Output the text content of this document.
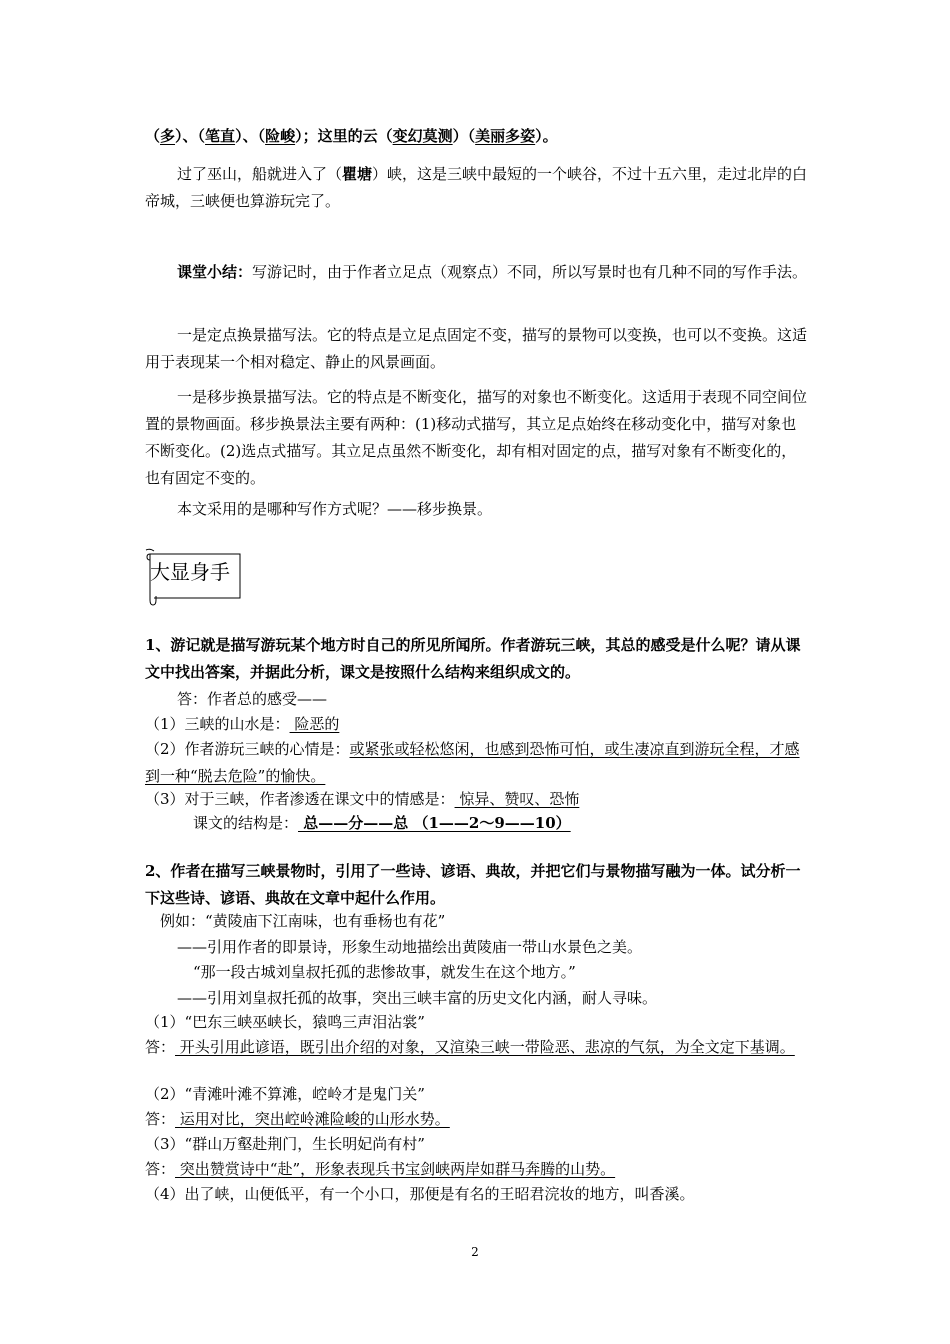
（多）、（笔直）、（险峻）；这里的云（变幻莫测）（美丽多姿）。
过了巫山，船就进入了（瞿塘）峡，这是三峡中最短的一个峡谷，不过十五六里，走过北岸的白帝城，三峡便也算游玩完了。
课堂小结：写游记时，由于作者立足点（观察点）不同，所以写景时也有几种不同的写作手法。
一是定点换景描写法。它的特点是立足点固定不变，描写的景物可以变换，也可以不变换。这适用于表现某一个相对稳定、静止的风景画面。
一是移步换景描写法。它的特点是不断变化，描写的对象也不断变化。这适用于表现不同空间位置的景物画面。移步换景法主要有两种：(1)移动式描写，其立足点始终在移动变化中，描写对象也不断变化。(2)选点式描写。其立足点虽然不断变化，却有相对固定的点，描写对象有不断变化的，也有固定不变的。
本文采用的是哪种写作方式呢？——移步换景。
大显身手
1、游记就是描写游玩某个地方时自己的所见所闻所。作者游玩三峡，其总的感受是什么呢？请从课文中找出答案，并据此分析，课文是按照什么结构来组织成文的。
答：作者总的感受——
（1）三峡的山水是： 险恶的
（2）作者游玩三峡的心情是：或紧张或轻松悠闲，也感到恐怖可怕，或生凄凉直到游玩全程，才感到一种“脱去危险”的愉快。
（3）对于三峡，作者渗透在课文中的情感是： 惊异、赞叹、恐怖
课文的结构是： 总——分——总 （1——2～9——10）
2、作者在描写三峡景物时，引用了一些诗、谚语、典故，并把它们与景物描写融为一体。试分析一下这些诗、谚语、典故在文章中起什么作用。
例如：“黄陵庙下江南味，也有垂杨也有花”
——引用作者的即景诗，形象生动地描绘出黄陵庙一带山水景色之美。
“那一段古城刘皇叔托孤的悲惨故事，就发生在这个地方。”
——引用刘皇叔托孤的故事，突出三峡丰富的历史文化内涵，耐人寻味。
（1）“巴东三峡巫峡长，猿鸣三声泪沾裳”
答： 开头引用此谚语，既引出介绍的对象，又渲染三峡一带险恶、悲凉的气氛，为全文定下基调。
（2）“青滩叶滩不算滩，崆岭才是鬼门关”
答： 运用对比，突出崆岭滩险峻的山形水势。
（3）“群山万壑赴荆门，生长明妃尚有村”
答： 突出赞赏诗中“赴”，形象表现兵书宝剑峡两岸如群马奔腾的山势。
（4）出了峡，山便低平，有一个小口，那便是有名的王昭君浣妆的地方，叫香溪。
2
